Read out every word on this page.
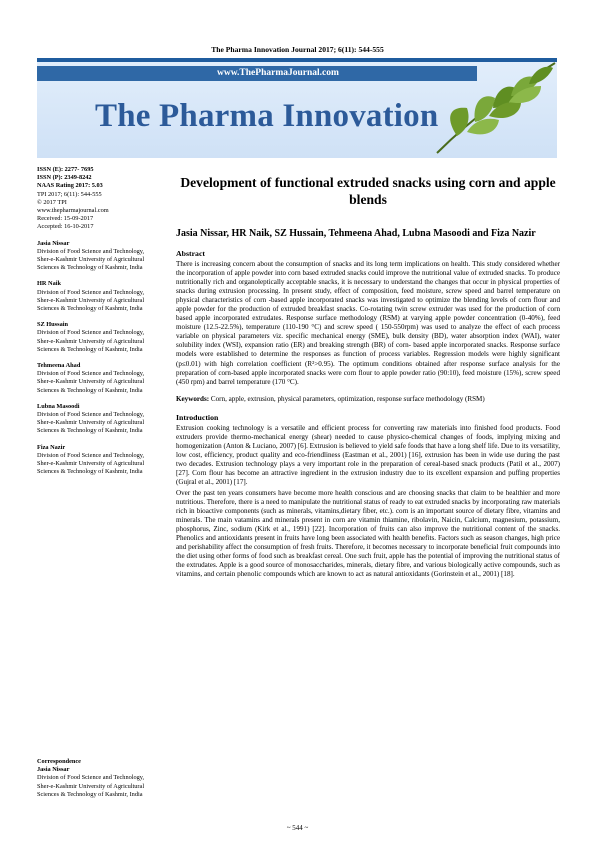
The Pharma Innovation Journal 2017; 6(11): 544-555
www.ThePharmaJournal.com
The Pharma Innovation
ISSN (E): 2277- 7695
ISSN (P): 2349-8242
NAAS Rating 2017: 5.03
TPI 2017; 6(11): 544-555
© 2017 TPI
www.thepharmajournal.com
Received: 15-09-2017
Accepted: 16-10-2017
Jasia Nissar
Division of Food Science and Technology, Sher-e-Kashmir University of Agricultural Sciences & Technology of Kashmir, India
HR Naik
Division of Food Science and Technology, Sher-e-Kashmir University of Agricultural Sciences & Technology of Kashmir, India
SZ Hussain
Division of Food Science and Technology, Sher-e-Kashmir University of Agricultural Sciences & Technology of Kashmir, India
Tehmeena Ahad
Division of Food Science and Technology, Sher-e-Kashmir University of Agricultural Sciences & Technology of Kashmir, India
Lubna Masoodi
Division of Food Science and Technology, Sher-e-Kashmir University of Agricultural Sciences & Technology of Kashmir, India
Fiza Nazir
Division of Food Science and Technology, Sher-e-Kashmir University of Agricultural Sciences & Technology of Kashmir, India
Correspondence
Jasia Nissar
Division of Food Science and Technology, Sher-e-Kashmir University of Agricultural Sciences & Technology of Kashmir, India
Development of functional extruded snacks using corn and apple blends
Jasia Nissar, HR Naik, SZ Hussain, Tehmeena Ahad, Lubna Masoodi and Fiza Nazir
Abstract
There is increasing concern about the consumption of snacks and its long term implications on health. This study considered whether the incorporation of apple powder into corn based extruded snacks could improve the nutritional value of extruded snacks. To produce nutritionally rich and organoleptically acceptable snacks, it is necessary to understand the changes that occur in physical properties of snacks during extrusion processing. In present study, effect of composition, feed moisture, screw speed and barrel temperature on physical characteristics of corn -based apple incorporated snacks was investigated to optimize the blending levels of corn flour and apple powder for the production of extruded breakfast snacks. Co-rotating twin screw extruder was used for the production of corn based apple incorporated extrudates. Response surface methodology (RSM) at varying apple powder concentration (0-40%), feed moisture (12.5-22.5%), temperature (110-190 °C) and screw speed ( 150-550rpm) was used to analyze the effect of each process variable on physical parameters viz. specific mechanical energy (SME), bulk density (BD), water absorption index (WAI), water solubility index (WSI), expansion ratio (ER) and breaking strength (BR) of corn- based apple incorporated snacks. Response surface models were established to determine the responses as function of process variables. Regression models were highly significant (p≤0.01) with high correlation coefficient (R²>0.95). The optimum conditions obtained after response surface analysis for the preparation of corn-based apple incorporated snacks were corn flour to apple powder ratio (90:10), feed moisture (15%), screw speed (450 rpm) and barrel temperature (170 °C).
Keywords: Corn, apple, extrusion, physical parameters, optimization, response surface methodology (RSM)
Introduction
Extrusion cooking technology is a versatile and efficient process for converting raw materials into finished food products. Food extruders provide thermo-mechanical energy (shear) needed to cause physico-chemical changes of foods, implying mixing and homogenization (Anton & Luciano, 2007) [6]. Extrusion is believed to yield safe foods that have a long shelf life. Due to its versatility, low cost, efficiency, product quality and eco-friendliness (Eastman et al., 2001) [16], extrusion has been in wide use during the past two decades. Extrusion technology plays a very important role in the preparation of cereal-based snack products (Patil et al., 2007) [27]. Corn flour has become an attractive ingredient in the extrusion industry due to its excellent expansion and puffing properties (Gujral et al., 2001) [17].
Over the past ten years consumers have become more health conscious and are choosing snacks that claim to be healthier and more nutritious. Therefore, there is a need to manipulate the nutritional status of ready to eat extruded snacks by incorporating raw materials rich in bioactive components (such as minerals, vitamins,dietary fiber, etc.). corn is an important source of dietary fibre, vitamins and minerals. The main vatamins and minerals present in corn are vitamin thiamine, ribolavin, Naicin, Calcium, magnesium, potassium, phosphorus, Zinc, sodium (Kirk et al., 1991) [22]. Incorporation of fruits can also improve the nutritional content of the snacks. Phenolics and antioxidants present in fruits have long been associated with health benefits. Factors such as season changes, high price and perishability affect the consumption of fresh fruits. Therefore, it becomes necessary to incorporate beneficial fruit compounds into the diet using other forms of food such as breakfast cereal. One such fruit, apple has the potential of improving the nutritional status of the extrudates. Apple is a good source of monosaccharides, minerals, dietary fibre, and various biologically active compounds, such as vitamins, and certain phenolic compounds which are known to act as natural antioxidants (Gorinstein et al., 2001) [18].
~ 544 ~
